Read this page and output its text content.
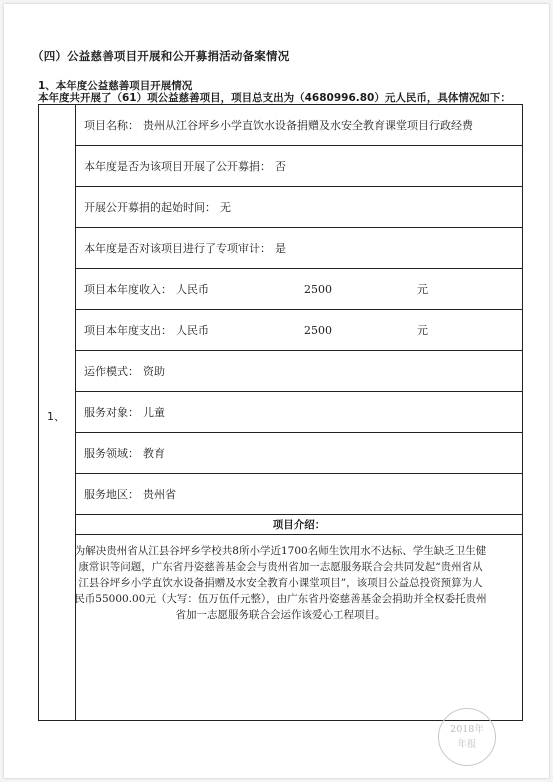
（四）公益慈善项目开展和公开募捐活动备案情况
1、本年度公益慈善项目开展情况
本年度共开展了（61）项公益慈善项目，项目总支出为（4680996.80）元人民币，具体情况如下：
1、
项目名称： 贵州从江谷坪乡小学直饮水设备捐赠及水安全教育课堂项目行政经费
本年度是否为该项目开展了公开募捐： 否
开展公开募捐的起始时间： 无
本年度是否对该项目进行了专项审计： 是
项目本年度收入： 人民币	2500	元
项目本年度支出： 人民币	2500	元
运作模式： 资助
服务对象： 儿童
服务领域： 教育
服务地区： 贵州省
项目介绍：
为解决贵州省从江县谷坪乡学校共8所小学近1700名师生饮用水不达标、学生缺乏卫生健
康常识等问题，广东省丹姿慈善基金会与贵州省加一志愿服务联合会共同发起“贵州省从
江县谷坪乡小学直饮水设备捐赠及水安全教育小课堂项目”，该项目公益总投资预算为人
民币55000.00元（大写：伍万伍仟元整），由广东省丹姿慈善基金会捐助并全权委托贵州
省加一志愿服务联合会运作该爱心工程项目。
2018年
年报
